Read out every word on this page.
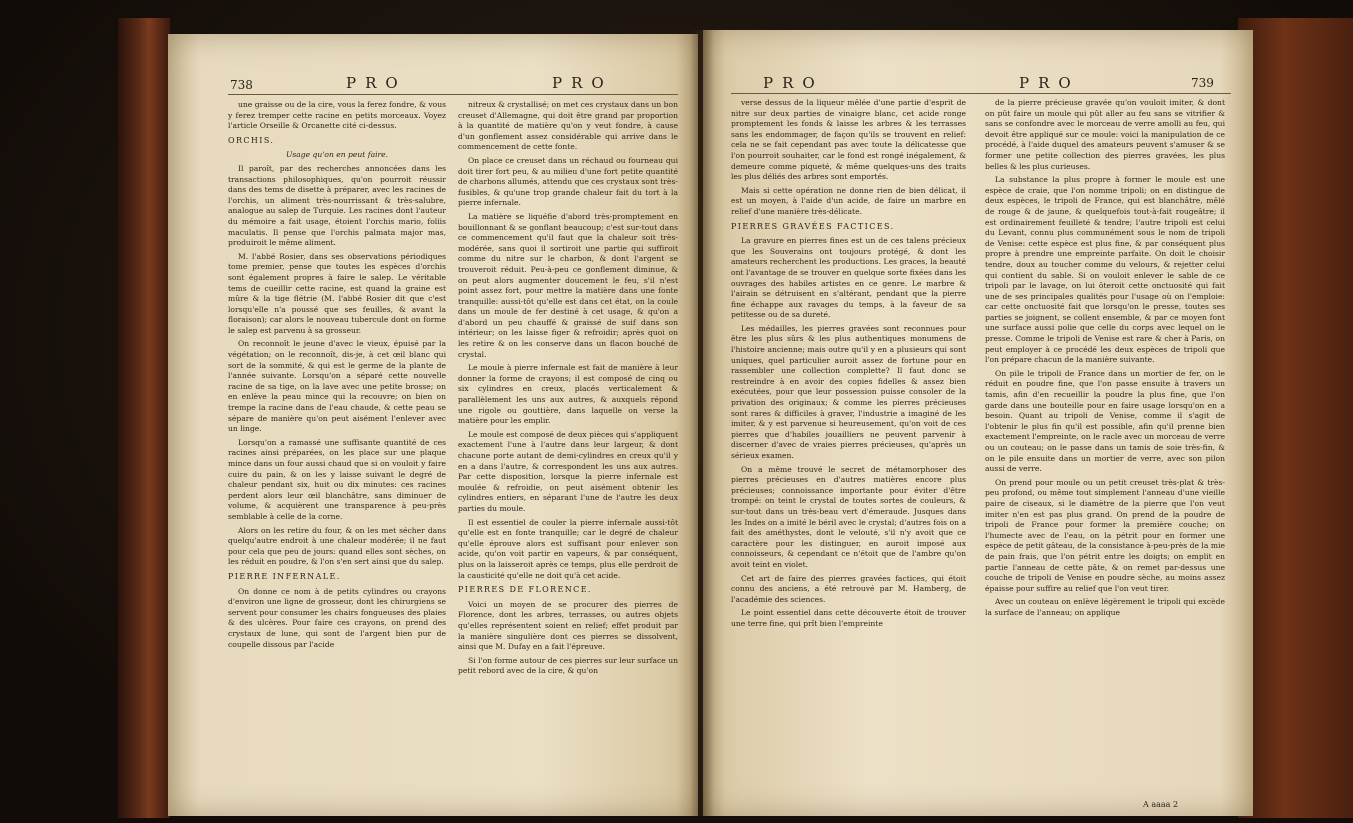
738	PRO	PRO

une graisse ou de la cire, vous la ferez fondre, & vous y ferez tremper cette racine en petits morceaux. Voyez l'article Orseille & Orcanette cité ci-dessus.

ORCHIS.
Usage qu'on en peut faire.

Il paroît, par des recherches annoncées dans les transactions philosophiques, qu'on pourroit réussir dans des tems de disette à préparer, avec les racines de l'orchis, un aliment très-nourrissant & très-salubre, analogue au salep de Turquie. Les racines dont l'auteur du mémoire a fait usage, étoient l'orchis mario, foliis maculatis. Il pense que l'orchis palmata major mas, produiroit le même aliment.

M. l'abbé Rosier, dans ses observations périodiques tome premier, pense que toutes les espèces d'orchis sont également propres à faire le salep. Le véritable tems de cueillir cette racine, est quand la graine est mûre & la tige flétrie (M. l'abbé Rosier dit que c'est lorsqu'elle n'a poussé que ses feuilles, & avant la floraison); car alors le nouveau tubercule dont on forme le salep est parvenu à sa grosseur.

On reconnoît le jeune d'avec le vieux, épuisé par la végétation; on le reconnoît, dis-je, à cet œil blanc qui sort de la sommité, & qui est le germe de la plante de l'année suivante. Lorsqu'on a séparé cette nouvelle racine de sa tige, on la lave avec une petite brosse; on en enlève la peau mince qui la recouvre; on bien on trempe la racine dans de l'eau chaude, & cette peau se sépare de manière qu'on peut aisément l'enlever avec un linge.

Lorsqu'on a ramassé une suffisante quantité de ces racines ainsi préparées, on les place sur une plaque mince dans un four aussi chaud que si on vouloit y faire cuire du pain, & on les y laisse suivant le degré de chaleur pendant six, huit ou dix minutes: ces racines perdent alors leur œil blanchâtre, sans diminuer de volume, & acquièrent une transparence à peu-près semblable à celle de la corne.

Alors on les retire du four, & on les met sécher dans quelqu'autre endroit à une chaleur modérée; il ne faut pour cela que peu de jours: quand elles sont sèches, on les réduit en poudre, & l'on s'en sert ainsi que du salep.

PIERRE INFERNALE.

On donne ce nom à de petits cylindres ou crayons d'environ une ligne de grosseur, dont les chirurgiens se servent pour consumer les chairs fongueuses des plaies & des ulcères. Pour faire ces crayons, on prend des crystaux de lune, qui sont de l'argent bien pur de coupelle dissous par l'acide

nitreux & crystallisé; on met ces crystaux dans un bon creuset d'Allemagne, qui doit être grand par proportion à la quantité de matière qu'on y veut fondre, à cause d'un gonflement assez considérable qui arrive dans le commencement de cette fonte.

On place ce creuset dans un réchaud ou fourneau qui doit tirer fort peu, & au milieu d'une fort petite quantité de charbons allumés, attendu que ces crystaux sont très-fusibles, & qu'une trop grande chaleur fait du tort à la pierre infernale.

La matière se liquéfie d'abord très-promptement en bouillonnant & se gonflant beaucoup; c'est sur-tout dans ce commencement qu'il faut que la chaleur soit très-modérée, sans quoi il sortiroit une partie qui suffiroit comme du nitre sur le charbon, & dont l'argent se trouveroit réduit. Peu-à-peu ce gonflement diminue, & on peut alors augmenter doucement le feu, s'il n'est point assez fort, pour mettre la matière dans une fonte tranquille: aussi-tôt qu'elle est dans cet état, on la coule dans un moule de fer destiné à cet usage, & qu'on a d'abord un peu chauffé & graissé de suif dans son intérieur; on les laisse figer & refroidir; après quoi on les retire & on les conserve dans un flacon bouché de crystal.

Le moule à pierre infernale est fait de manière à leur donner la forme de crayons; il est composé de cinq ou six cylindres en creux, placés verticalement & parallèlement les uns aux autres, & auxquels répond une rigole ou gouttière, dans laquelle on verse la matière pour les emplir.

Le moule est composé de deux pièces qui s'appliquent exactement l'une à l'autre dans leur largeur, & dont chacune porte autant de demi-cylindres en creux qu'il y en a dans l'autre, & correspondent les uns aux autres. Par cette disposition, lorsque la pierre infernale est moulée & refroidie, on peut aisément obtenir les cylindres entiers, en séparant l'une de l'autre les deux parties du moule.

Il est essentiel de couler la pierre infernale aussi-tôt qu'elle est en fonte tranquille; car le degré de chaleur qu'elle éprouve alors est suffisant pour enlever son acide, qu'on voit partir en vapeurs, & par conséquent, plus on la laisseroit après ce temps, plus elle perdroit de la causticité qu'elle ne doit qu'à cet acide.

PIERRES DE FLORENCE.

Voici un moyen de se procurer des pierres de Florence, dont les arbres, terrasses, ou autres objets qu'elles représentent soient en relief; effet produit par la manière singulière dont ces pierres se dissolvent, ainsi que M. Dufay en a fait l'épreuve.

Si l'on forme autour de ces pierres sur leur surface un petit rebord avec de la cire, & qu'on

PRO	PRO	739

verse dessus de la liqueur mêlée d'une partie d'esprit de nitre sur deux parties de vinaigre blanc, cet acide ronge promptement les fonds & laisse les arbres & les terrasses sans les endommager, de façon qu'ils se trouvent en relief: cela ne se fait cependant pas avec toute la délicatesse que l'on pourroit souhaiter, car le fond est rongé inégalement, & demeure comme piqueté, & même quelques-uns des traits les plus déliés des arbres sont emportés.

Mais si cette opération ne donne rien de bien délicat, il est un moyen, à l'aide d'un acide, de faire un marbre en relief d'une manière très-délicate.

PIERRES GRAVÉES FACTICES.

La gravure en pierres fines est un de ces talens précieux que les Souverains ont toujours protégé, & dont les amateurs recherchent les productions. Les graces, la beauté ont l'avantage de se trouver en quelque sorte fixées dans les ouvrages des habiles artistes en ce genre. Le marbre & l'airain se détruisent en s'altérant, pendant que la pierre fine échappe aux ravages du temps, à la faveur de sa petitesse ou de sa dureté.

Les médailles, les pierres gravées sont reconnues pour être les plus sûrs & les plus authentiques monumens de l'histoire ancienne; mais outre qu'il y en a plusieurs qui sont uniques, quel particulier auroit assez de fortune pour en rassembler une collection complette? Il faut donc se restreindre à en avoir des copies fidelles & assez bien exécutées, pour que leur possession puisse consoler de la privation des originaux; & comme les pierres précieuses sont rares & difficiles à graver, l'industrie a imaginé de les imiter, & y est parvenue si heureusement, qu'on voit de ces pierres que d'habiles jouailliers ne peuvent parvenir à discerner d'avec de vraies pierres précieuses, qu'après un sérieux examen.

On a même trouvé le secret de métamorphoser des pierres précieuses en d'autres matières encore plus précieuses; connoissance importante pour éviter d'être trompé: on teint le crystal de toutes sortes de couleurs, & sur-tout dans un très-beau vert d'émeraude. Jusques dans les Indes on a imité le béril avec le crystal; d'autres fois on a fait des améthystes, dont le velouté, s'il n'y avoit que ce caractère pour les distinguer, en auroit imposé aux connoisseurs, & cependant ce n'étoit que de l'ambre qu'on avoit teint en violet.

Cet art de faire des pierres gravées factices, qui étoit connu des anciens, a été retrouvé par M. Hamberg, de l'académie des sciences.

Le point essentiel dans cette découverte étoit de trouver une terre fine, qui prît bien l'empreinte

de la pierre précieuse gravée qu'on vouloit imiter, & dont on pût faire un moule qui pût aller au feu sans se vitrifier & sans se confondre avec le morceau de verre amolli au feu, qui devoit être appliqué sur ce moule: voici la manipulation de ce procédé, à l'aide duquel des amateurs peuvent s'amuser & se former une petite collection des pierres gravées, les plus belles & les plus curieuses.

La substance la plus propre à former le moule est une espèce de craie, que l'on nomme tripoli; on en distingue de deux espèces, le tripoli de France, qui est blanchâtre, mêlé de rouge & de jaune, & quelquefois tout-à-fait rougeâtre; il est ordinairement feuilleté & tendre; l'autre tripoli est celui du Levant, connu plus communément sous le nom de tripoli de Venise: cette espèce est plus fine, & par conséquent plus propre à prendre une empreinte parfaite. On doit le choisir tendre, doux au toucher comme du velours, & rejetter celui qui contient du sable. Si on vouloit enlever le sable de ce tripoli par le lavage, on lui ôteroit cette onctuosité qui fait une de ses principales qualités pour l'usage où on l'emploie: car cette onctuosité fait que lorsqu'on le presse, toutes ses parties se joignent, se collent ensemble, & par ce moyen font une surface aussi polie que celle du corps avec lequel on le presse. Comme le tripoli de Venise est rare & cher à Paris, on peut employer à ce procédé les deux espèces de tripoli que l'on prépare chacun de la manière suivante.

On pile le tripoli de France dans un mortier de fer, on le réduit en poudre fine, que l'on passe ensuite à travers un tamis, afin d'en recueillir la poudre la plus fine, que l'on garde dans une bouteille pour en faire usage lorsqu'on en a besoin. Quant au tripoli de Venise, comme il s'agit de l'obtenir le plus fin qu'il est possible, afin qu'il prenne bien exactement l'empreinte, on le racle avec un morceau de verre ou un couteau; on le passe dans un tamis de soie très-fin, & on le pile ensuite dans un mortier de verre, avec son pilon aussi de verre.

On prend pour moule ou un petit creuset très-plat & très-peu profond, ou même tout simplement l'anneau d'une vieille paire de ciseaux, si le diamètre de la pierre que l'on veut imiter n'en est pas plus grand. On prend de la poudre de tripoli de France pour former la première couche; on l'humecte avec de l'eau, on la pétrit pour en former une espèce de petit gâteau, de la consistance à-peu-près de la mie de pain frais, que l'on pétrit entre les doigts; on emplit en partie l'anneau de cette pâte, & on remet par-dessus une couche de tripoli de Venise en poudre sèche, au moins assez épaisse pour suffire au relief que l'on veut tirer.

Avec un couteau on enlève légèrement le tripoli qui excède la surface de l'anneau; on applique

A aaaa 2
